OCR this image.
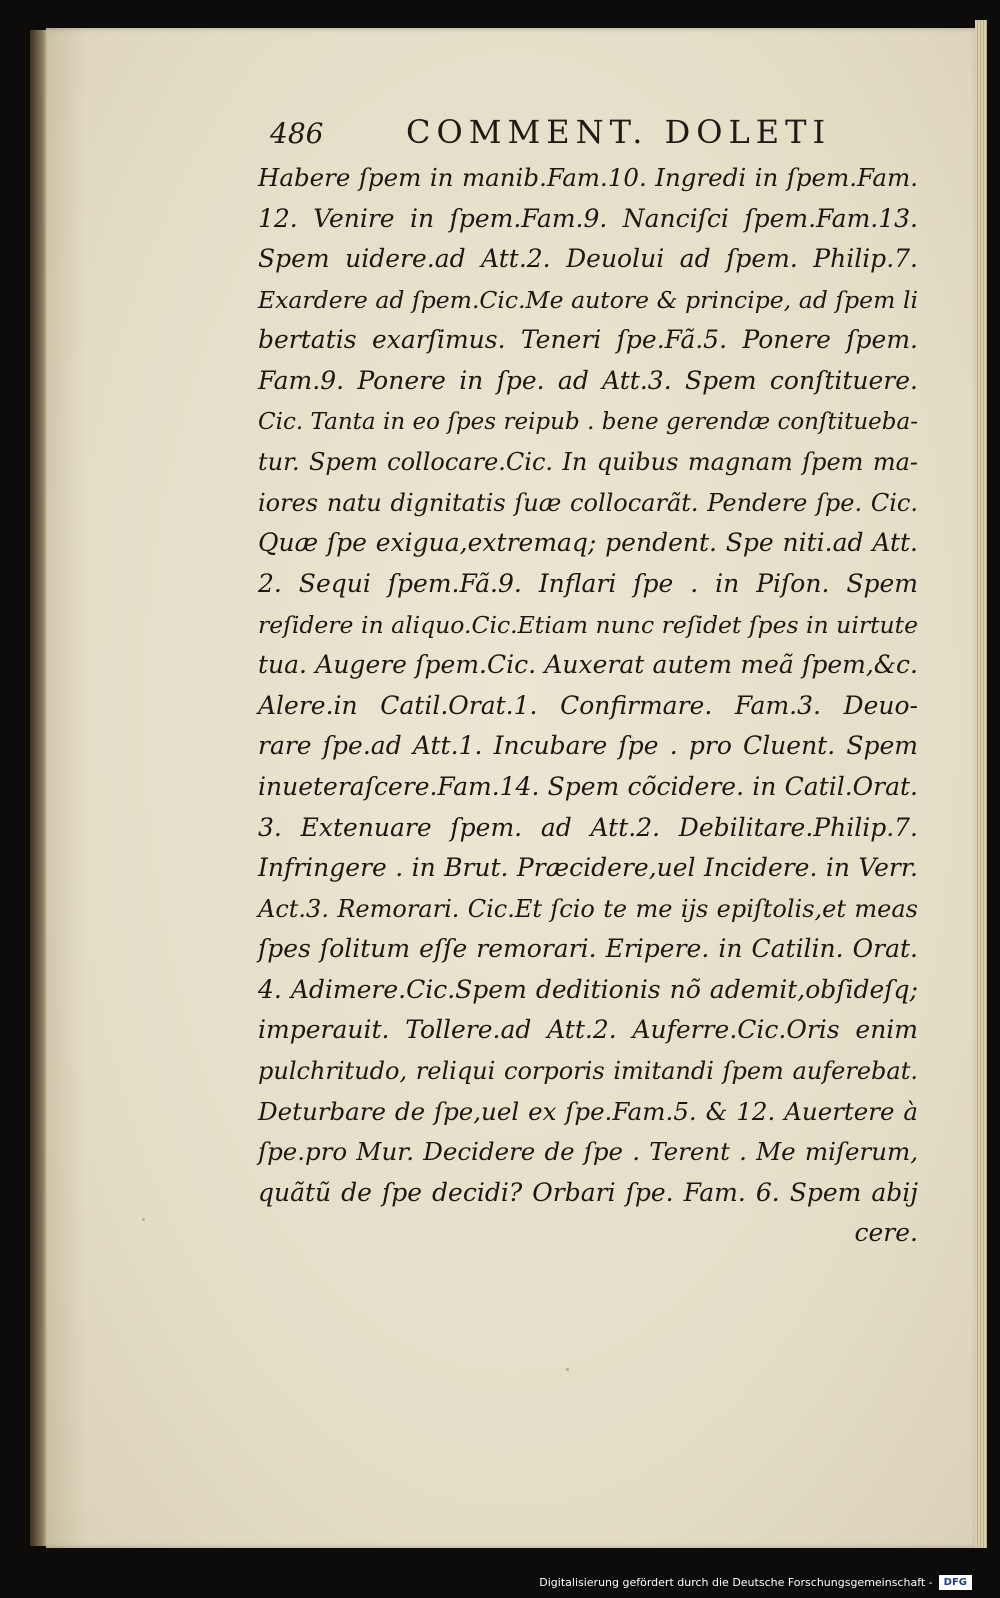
486	COMMENT. DOLETI
Habere ſpem in manib.Fam.10. Ingredi in ſpem.Fam.
12. Venire in ſpem.Fam.9. Nanciſci ſpem.Fam.13.
Spem uidere.ad Att.2. Deuolui ad ſpem. Philip.7.
Exardere ad ſpem.Cic.Me autore & principe, ad ſpem li
bertatis exarſimus. Teneri ſpe.Fã.5. Ponere ſpem.
Fam.9. Ponere in ſpe. ad Att.3. Spem conſtituere.
Cic. Tanta in eo ſpes reipub . bene gerendæ conſtitueba-
tur. Spem collocare.Cic. In quibus magnam ſpem ma-
iores natu dignitatis ſuæ collocarãt. Pendere ſpe. Cic.
Quæ ſpe exigua,extremaq; pendent. Spe niti.ad Att.
2. Sequi ſpem.Fã.9. Inflari ſpe . in Piſon. Spem
reſidere in aliquo.Cic.Etiam nunc reſidet ſpes in uirtute
tua. Augere ſpem.Cic. Auxerat autem meã ſpem,&c.
Alere.in Catil.Orat.1. Confirmare. Fam.3. Deuo-
rare ſpe.ad Att.1. Incubare ſpe . pro Cluent. Spem
inueteraſcere.Fam.14. Spem cõcidere. in Catil.Orat.
3. Extenuare ſpem. ad Att.2. Debilitare.Philip.7.
Infringere . in Brut. Præcidere,uel Incidere. in Verr.
Act.3. Remorari. Cic.Et ſcio te me ijs epiſtolis,et meas
ſpes ſolitum eſſe remorari. Eripere. in Catilin. Orat.
4. Adimere.Cic.Spem deditionis nõ ademit,obſideſq;
imperauit. Tollere.ad Att.2. Auferre.Cic.Oris enim
pulchritudo, reliqui corporis imitandi ſpem auferebat.
Deturbare de ſpe,uel ex ſpe.Fam.5. & 12. Auertere à
ſpe.pro Mur. Decidere de ſpe . Terent . Me miſerum,
quãtũ de ſpe decidi? Orbari ſpe. Fam. 6. Spem abij
cere.
Digitalisierung gefördert durch die Deutsche Forschungsgemeinschaft -	DFG
